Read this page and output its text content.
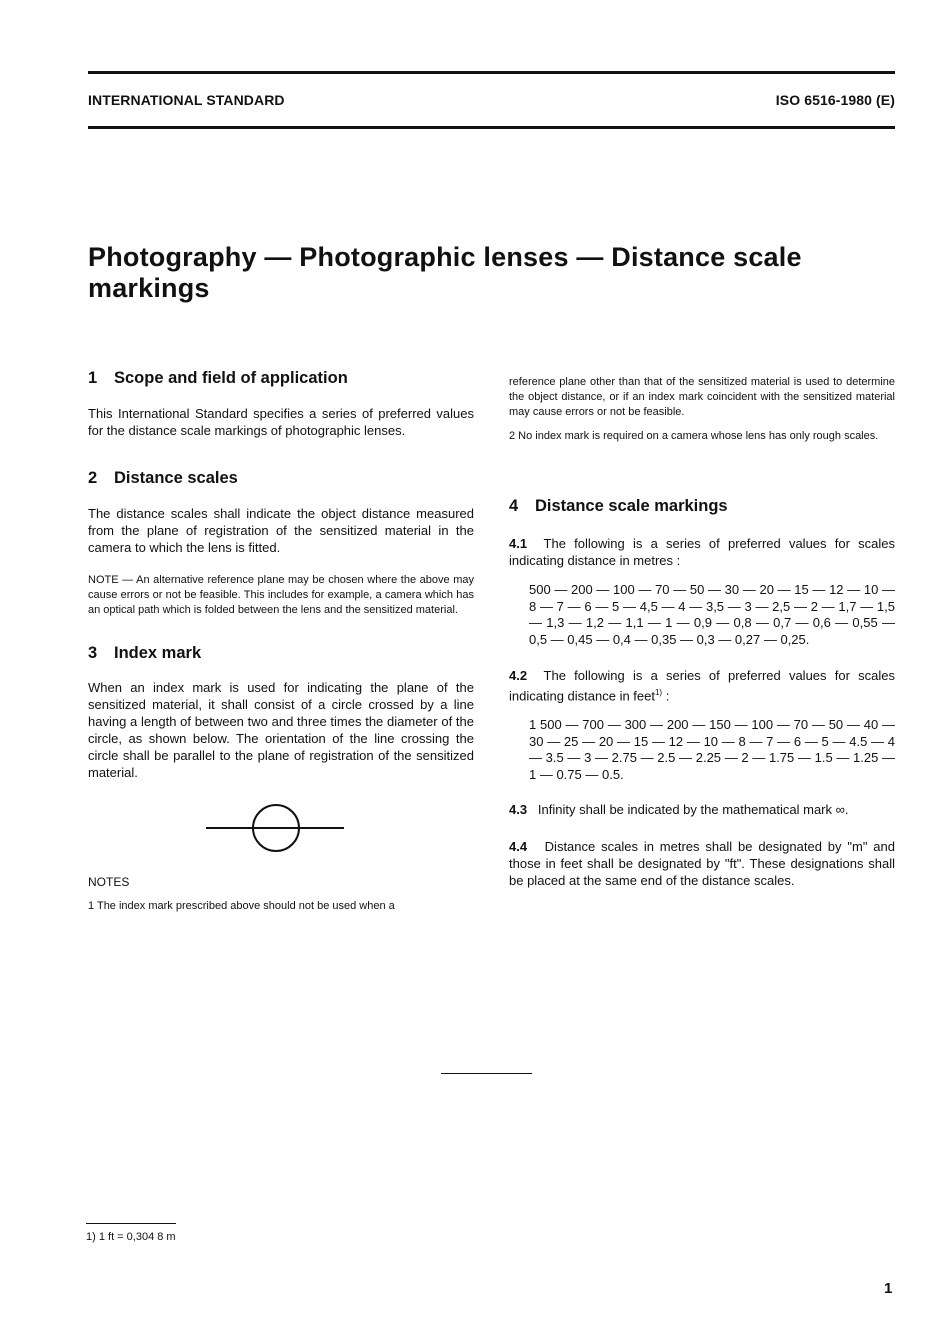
INTERNATIONAL STANDARD	ISO 6516-1980 (E)
Photography — Photographic lenses — Distance scale
markings
1 Scope and field of application

This International Standard specifies a series of preferred values for the distance scale markings of photographic lenses.

2 Distance scales

The distance scales shall indicate the object distance measured from the plane of registration of the sensitized material in the camera to which the lens is fitted.

NOTE — An alternative reference plane may be chosen where the above may cause errors or not be feasible. This includes for example, a camera which has an optical path which is folded between the lens and the sensitized material.
3 Index mark

When an index mark is used for indicating the plane of the sensitized material, it shall consist of a circle crossed by a line having a length of between two and three times the diameter of the circle, as shown below. The orientation of the line crossing the circle shall be parallel to the plane of registration of the sensitized material.

NOTES
1 The index mark prescribed above should not be used when a
reference plane other than that of the sensitized material is used to determine the object distance, or if an index mark coincident with the sensitized material may cause errors or not be feasible.
2 No index mark is required on a camera whose lens has only rough scales.
4 Distance scale markings

4.1 The following is a series of preferred values for scales indicating distance in metres :

500 — 200 — 100 — 70 — 50 — 30 — 20 — 15 — 12 — 10 — 8 — 7 — 6 — 5 — 4,5 — 4 — 3,5 — 3 — 2,5 — 2 — 1,7 — 1,5 — 1,3 — 1,2 — 1,1 — 1 — 0,9 — 0,8 — 0,7 — 0,6 — 0,55 — 0,5 — 0,45 — 0,4 — 0,35 — 0,3 — 0,27 — 0,25.

4.2 The following is a series of preferred values for scales indicating distance in feet$^{1)}$ :

1 500 — 700 — 300 — 200 — 150 — 100 — 70 — 50 — 40 — 30 — 25 — 20 — 15 — 12 — 10 — 8 — 7 — 6 — 5 — 4.5 — 4 — 3.5 — 3 — 2.75 — 2.5 — 2.25 — 2 — 1.75 — 1.5 — 1.25 — 1 — 0.75 — 0.5.

4.3 Infinity shall be indicated by the mathematical mark ∞.

4.4 Distance scales in metres shall be designated by "m" and those in feet shall be designated by "ft". These designations shall be placed at the same end of the distance scales.

1) 1 ft = 0,304 8 m
1
